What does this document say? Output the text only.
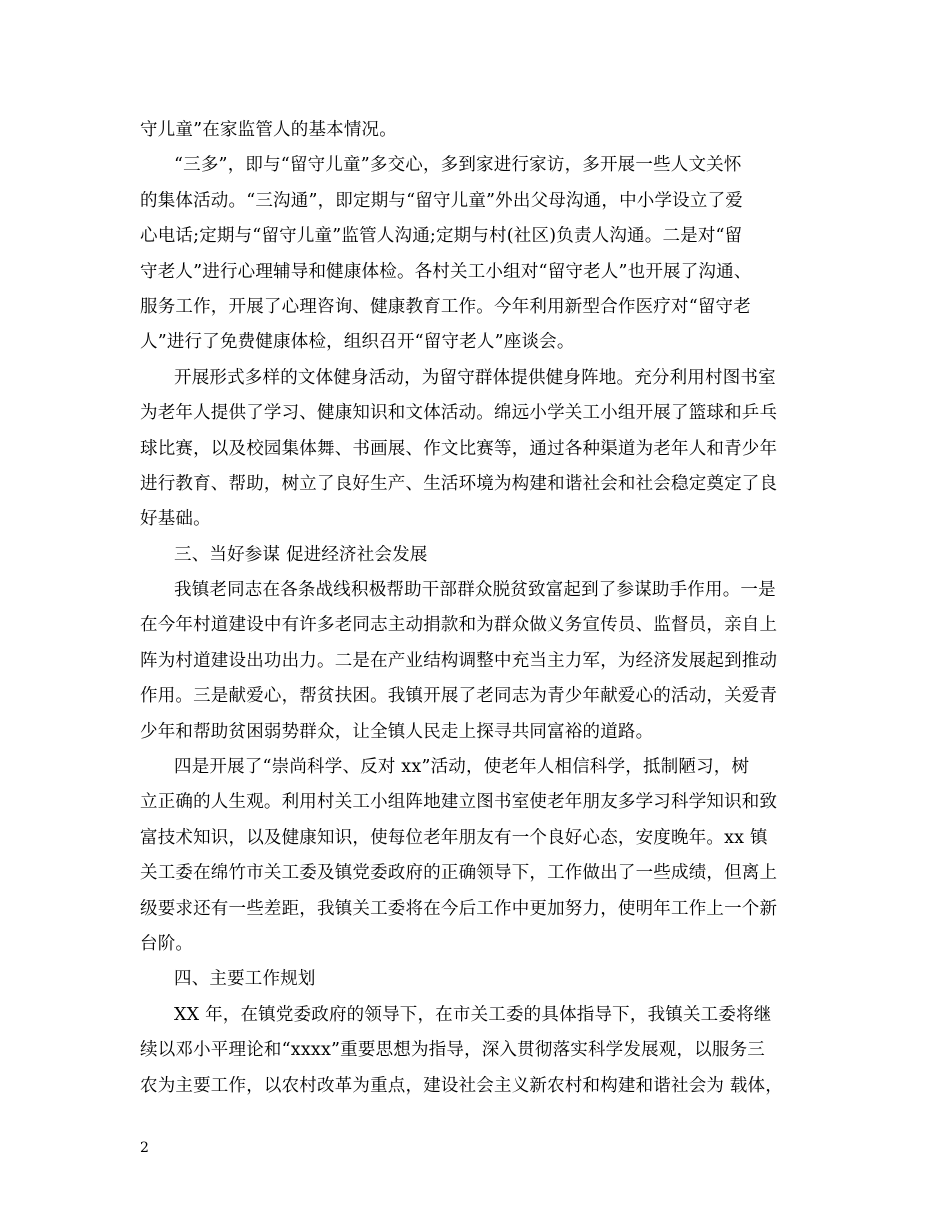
守儿童”在家监管人的基本情况。
“三多”，即与“留守儿童”多交心，多到家进行家访，多开展一些人文关怀
的集体活动。“三沟通”，即定期与“留守儿童”外出父母沟通，中小学设立了爱
心电话;定期与“留守儿童”监管人沟通;定期与村(社区)负责人沟通。二是对“留
守老人”进行心理辅导和健康体检。各村关工小组对“留守老人”也开展了沟通、
服务工作，开展了心理咨询、健康教育工作。今年利用新型合作医疗对“留守老
人”进行了免费健康体检，组织召开“留守老人”座谈会。
开展形式多样的文体健身活动，为留守群体提供健身阵地。充分利用村图书室
为老年人提供了学习、健康知识和文体活动。绵远小学关工小组开展了篮球和乒乓
球比赛，以及校园集体舞、书画展、作文比赛等，通过各种渠道为老年人和青少年
进行教育、帮助，树立了良好生产、生活环境为构建和谐社会和社会稳定奠定了良
好基础。
三、当好参谋 促进经济社会发展
我镇老同志在各条战线积极帮助干部群众脱贫致富起到了参谋助手作用。一是
在今年村道建设中有许多老同志主动捐款和为群众做义务宣传员、监督员，亲自上
阵为村道建设出功出力。二是在产业结构调整中充当主力军，为经济发展起到推动
作用。三是献爱心，帮贫扶困。我镇开展了老同志为青少年献爱心的活动，关爱青
少年和帮助贫困弱势群众，让全镇人民走上探寻共同富裕的道路。
四是开展了“崇尚科学、反对 xx”活动，使老年人相信科学，抵制陋习，树
立正确的人生观。利用村关工小组阵地建立图书室使老年朋友多学习科学知识和致
富技术知识，以及健康知识，使每位老年朋友有一个良好心态，安度晚年。xx 镇
关工委在绵竹市关工委及镇党委政府的正确领导下，工作做出了一些成绩，但离上
级要求还有一些差距，我镇关工委将在今后工作中更加努力，使明年工作上一个新
台阶。
四、主要工作规划
XX 年，在镇党委政府的领导下，在市关工委的具体指导下，我镇关工委将继
续以邓小平理论和“xxxx”重要思想为指导，深入贯彻落实科学发展观，以服务三
农为主要工作，以农村改革为重点，建设社会主义新农村和构建和谐社会为 载体，
2
